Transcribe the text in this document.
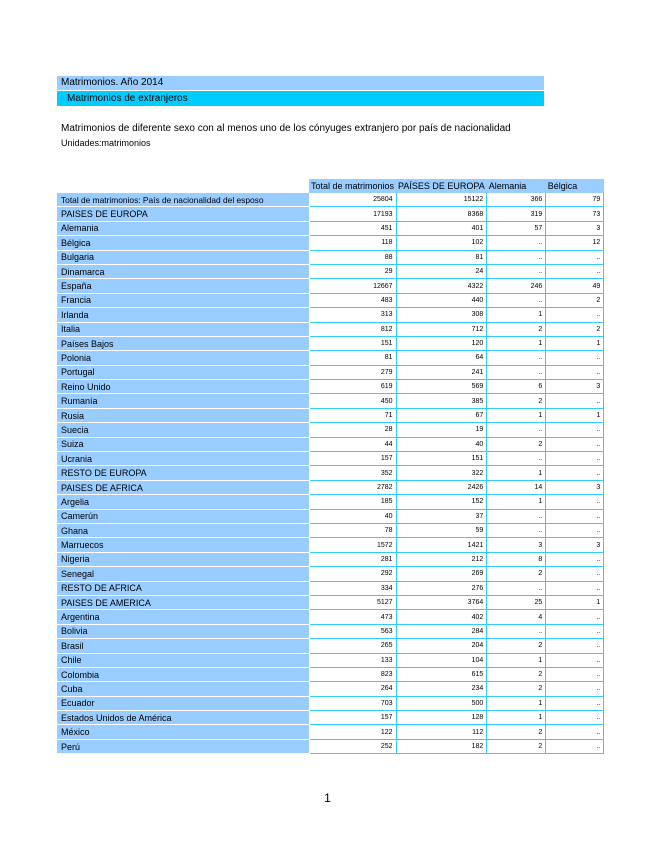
Matrimonios. Año 2014
Matrimonios de extranjeros
Matrimonios de diferente sexo con al menos uno de los cónyuges extranjero por país de nacionalidad
Unidades:matrimonios
	Total de matrimonios	PAÍSES DE EUROPA	Alemania	Bélgica
Total de matrimonios: País de nacionalidad del esposo	25804	15122	366	79
PAISES DE EUROPA	17193	8368	319	73
Alemania	451	401	57	3
Bélgica	118	102	..	12
Bulgaria	88	81	..	..
Dinamarca	29	24	..	..
España	12667	4322	246	49
Francia	483	440	..	2
Irlanda	313	308	1	..
Italia	812	712	2	2
Países Bajos	151	120	1	1
Polonia	81	64	..	..
Portugal	279	241	..	..
Reino Unido	619	569	6	3
Rumanía	450	385	2	..
Rusia	71	67	1	1
Suecia	28	19	..	..
Suiza	44	40	2	..
Ucrania	157	151	..	..
RESTO DE EUROPA	352	322	1	..
PAISES DE AFRICA	2782	2426	14	3
Argelia	185	152	1	..
Camerún	40	37	..	..
Ghana	78	59	..	..
Marruecos	1572	1421	3	3
Nigeria	281	212	8	..
Senegal	292	269	2	..
RESTO DE AFRICA	334	276	..	..
PAISES DE AMERICA	5127	3764	25	1
Argentina	473	402	4	..
Bolivia	563	284	..	..
Brasil	265	204	2	..
Chile	133	104	1	..
Colombia	823	615	2	..
Cuba	264	234	2	..
Ecuador	703	500	1	..
Estados Unidos de América	157	128	1	..
México	122	112	2	..
Perú	252	182	2	..
1
